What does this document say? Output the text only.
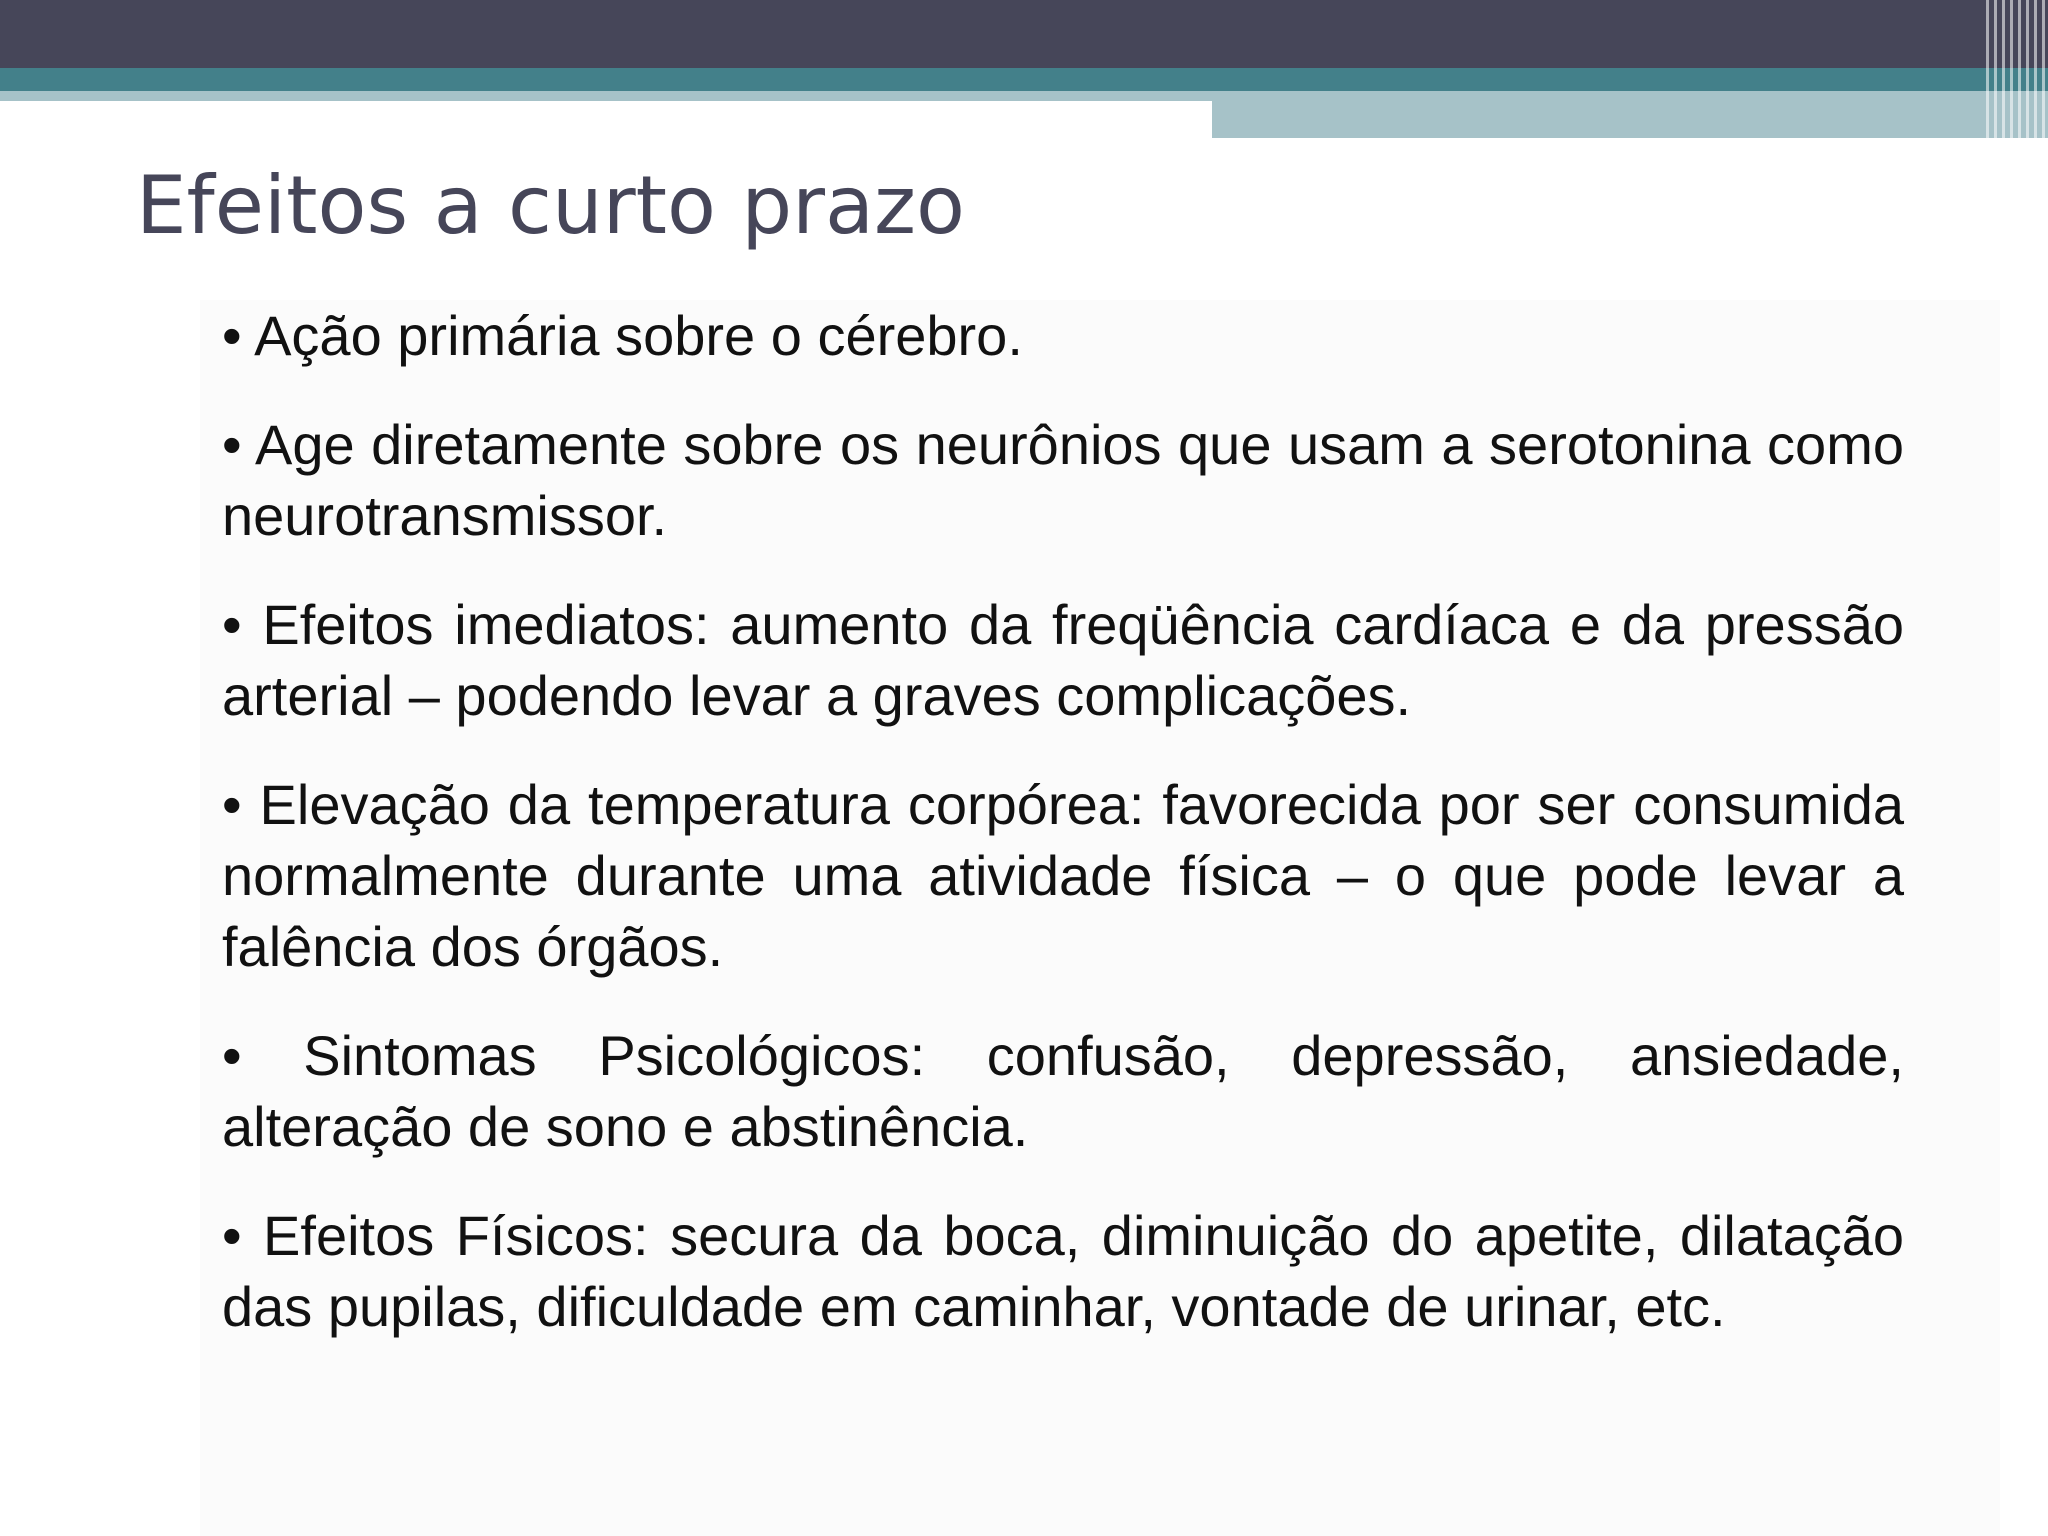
Efeitos a curto prazo
• Ação primária sobre o cérebro.
• Age diretamente sobre os neurônios que usam a serotonina como neurotransmissor.
• Efeitos imediatos: aumento da freqüência cardíaca e da pressão arterial – podendo levar a graves complicações.
• Elevação da temperatura corpórea: favorecida por ser consumida normalmente durante uma atividade física – o que pode levar a falência dos órgãos.
• Sintomas Psicológicos: confusão, depressão, ansiedade, alteração de sono e abstinência.
• Efeitos Físicos: secura da boca, diminuição do apetite, dilatação das pupilas, dificuldade em caminhar, vontade de urinar, etc.
